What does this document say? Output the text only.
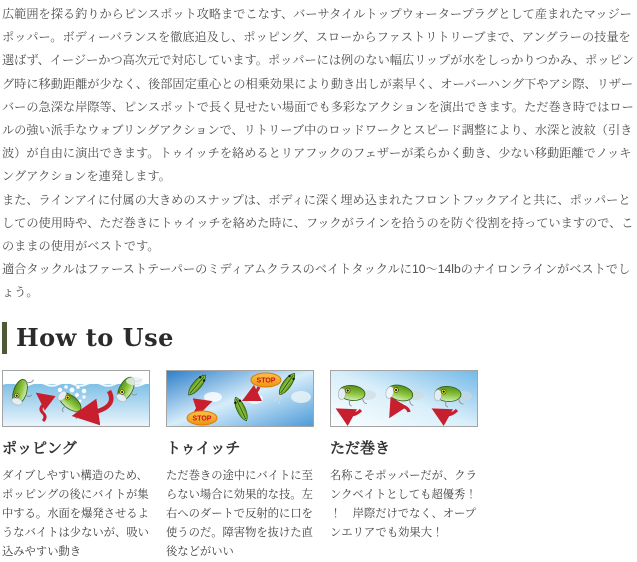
広範囲を探る釣りからピンスポット攻略までこなす、バーサタイルトップウォータープラグとして産まれたマッジーポッパー。ボディーバランスを徹底追及し、ポッピング、スローからファストリトリーブまで、アングラーの技量を選ばず、イージーかつ高次元で対応しています。ポッパーには例のない幅広リップが水をしっかりつかみ、ポッピング時に移動距離が少なく、後部固定重心との相乗効果により動き出しが素早く、オーバーハング下やアシ際、リザーバーの急深な岸際等、ピンスポットで長く見せたい場面でも多彩なアクションを演出できます。ただ巻き時ではロールの強い派手なウォブリングアクションで、リトリーブ中のロッドワークとスピード調整により、水深と波紋（引き波）が自由に演出できます。トゥイッチを絡めるとリアフックのフェザーが柔らかく動き、少ない移動距離でノッキングアクションを連発します。

また、ラインアイに付属の大きめのスナップは、ボディに深く埋め込まれたフロントフックアイと共に、ポッパーとしての使用時や、ただ巻きにトゥイッチを絡めた時に、フックがラインを拾うのを防ぐ役割を持っていますので、このままの使用がベストです。

適合タックルはファーストテーパーのミディアムクラスのベイトタックルに10〜14lbのナイロンラインがベストでしょう。

How to Use
ポッピング
ダイブしやすい構造のため、ポッピングの後にバイトが集中する。水面を爆発させるようなバイトは少ないが、吸い込みやすい動き
STOP
STOP
トゥイッチ
ただ巻きの途中にバイトに至らない場合に効果的な技。左右へのダートで反射的に口を使うのだ。障害物を抜けた直後などがいい
ただ巻き
名称こそポッパーだが、クランクベイトとしても超優秀！！　岸際だけでなく、オープンエリアでも効果大！
